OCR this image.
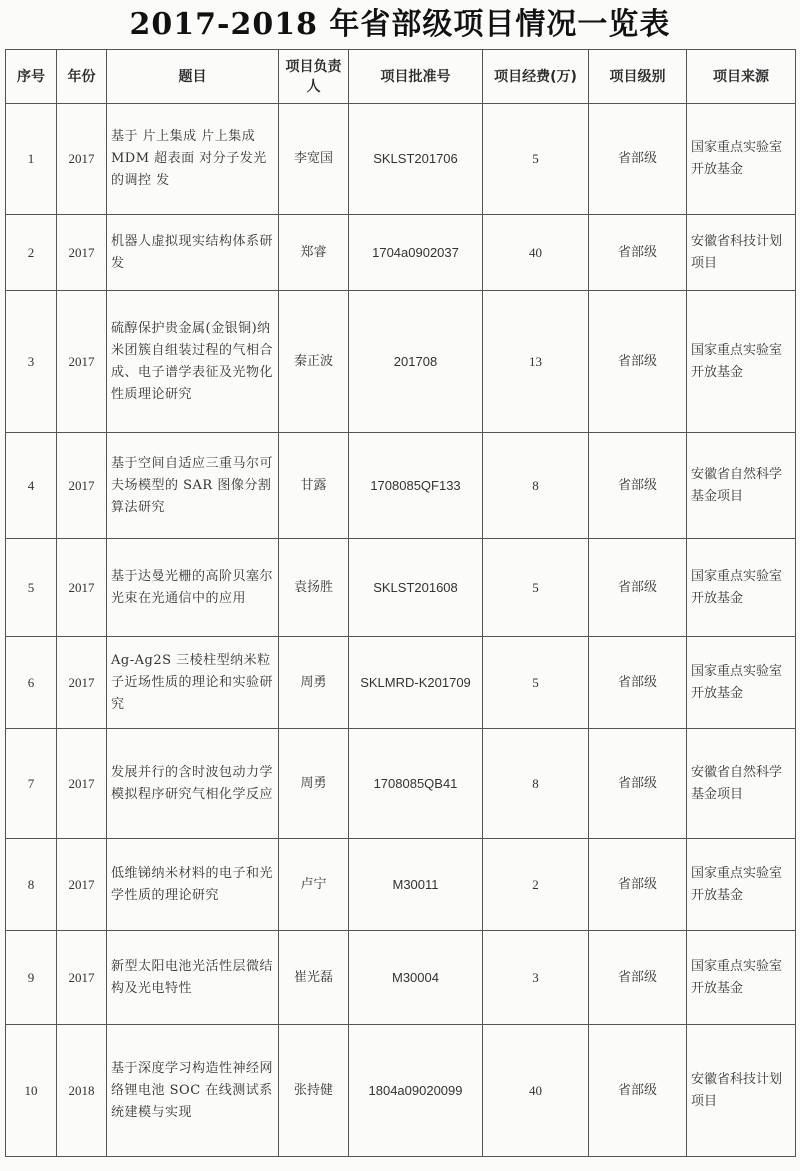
2017-2018 年省部级项目情况一览表
序号	年份	题目	项目负责人	项目批准号	项目经费(万)	项目级别	项目来源
1	2017	基于 片上集成 片上集成 MDM 超表面 对分子发光的调控 发	李宽国	SKLST201706	5	省部级	国家重点实验室开放基金
2	2017	机器人虚拟现实结构体系研发	郑睿	1704a0902037	40	省部级	安徽省科技计划项目
3	2017	硫醇保护贵金属(金银铜)纳米团簇自组装过程的气相合成、电子谱学表征及光物化性质理论研究	秦正波	201708	13	省部级	国家重点实验室开放基金
4	2017	基于空间自适应三重马尔可夫场模型的 SAR 图像分割算法研究	甘露	1708085QF133	8	省部级	安徽省自然科学基金项目
5	2017	基于达曼光栅的高阶贝塞尔光束在光通信中的应用	袁扬胜	SKLST201608	5	省部级	国家重点实验室开放基金
6	2017	Ag-Ag2S 三棱柱型纳米粒子近场性质的理论和实验研究	周勇	SKLMRD-K201709	5	省部级	国家重点实验室开放基金
7	2017	发展并行的含时波包动力学模拟程序研究气相化学反应	周勇	1708085QB41	8	省部级	安徽省自然科学基金项目
8	2017	低维锑纳米材料的电子和光学性质的理论研究	卢宁	M30011	2	省部级	国家重点实验室开放基金
9	2017	新型太阳电池光活性层微结构及光电特性	崔光磊	M30004	3	省部级	国家重点实验室开放基金
10	2018	基于深度学习构造性神经网络锂电池 SOC 在线测试系统建模与实现	张持健	1804a09020099	40	省部级	安徽省科技计划项目
